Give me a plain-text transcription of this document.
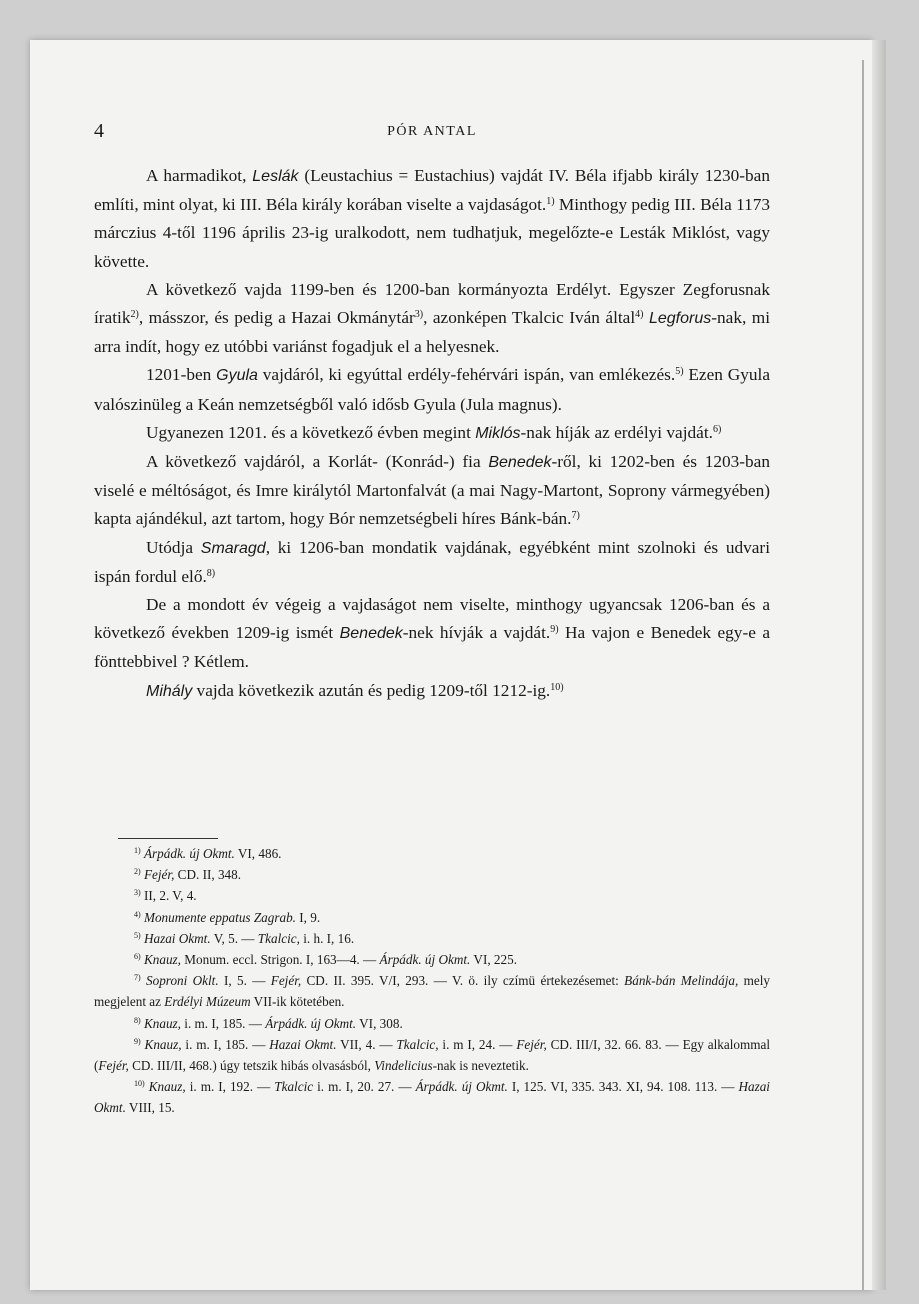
4	PÓR ANTAL

A harmadikot, Leslák (Leustachius = Eustachius) vajdát IV. Béla ifjabb király 1230-ban említi, mint olyat, ki III. Béla király korában viselte a vajdaságot.$^{1)}$ Minthogy pedig III. Béla 1173 márczius 4-től 1196 április 23-ig uralkodott, nem tudhatjuk, megelőzte-e Lesták Miklóst, vagy követte.

A következő vajda 1199-ben és 1200-ban kormányozta Erdélyt. Egyszer Zegforusnak íratik$^{2)}$, másszor, és pedig a Hazai Okmánytár$^{3)}$, azonképen Tkalcic Iván által$^{4)}$ Legforus-nak, mi arra indít, hogy ez utóbbi variánst fogadjuk el a helyesnek.

1201-ben Gyula vajdáról, ki egyúttal erdély-fehérvári ispán, van emlékezés.$^{5)}$ Ezen Gyula valószinüleg a Keán nemzetségből való idősb Gyula (Jula magnus).

Ugyanezen 1201. és a következő évben megint Miklós-nak híják az erdélyi vajdát.$^{6)}$

A következő vajdáról, a Korlát- (Konrád-) fia Benedek-ről, ki 1202-ben és 1203-ban viselé e méltóságot, és Imre királytól Martonfalvát (a mai Nagy-Martont, Soprony vármegyében) kapta ajándékul, azt tartom, hogy Bór nemzetségbeli híres Bánk-bán.$^{7)}$

Utódja Smaragd, ki 1206-ban mondatik vajdának, egyébként mint szolnoki és udvari ispán fordul elő.$^{8)}$

De a mondott év végeig a vajdaságot nem viselte, minthogy ugyancsak 1206-ban és a következő években 1209-ig ismét Benedek-nek hívják a vajdát.$^{9)}$ Ha vajon e Benedek egy-e a fönttebbivel ? Kétlem.

Mihály vajda következik azután és pedig 1209-től 1212-ig.$^{10)}$

$^{1)}$ Árpádk. új Okmt. VI, 486.

$^{2)}$ Fejér, CD. II, 348.

$^{3)}$ II, 2. V, 4.

$^{4)}$ Monumente eppatus Zagrab. I, 9.

$^{5)}$ Hazai Okmt. V, 5. — Tkalcic, i. h. I, 16.

$^{6)}$ Knauz, Monum. eccl. Strigon. I, 163—4. — Árpádk. új Okmt. VI, 225.

$^{7)}$ Soproni Oklt. I, 5. — Fejér, CD. II. 395. V/I, 293. — V. ö. ily czímü értekezésemet: Bánk-bán Melindája, mely megjelent az Erdélyi Múzeum VII-ik kötetében.

$^{8)}$ Knauz, i. m. I, 185. — Árpádk. új Okmt. VI, 308.

$^{9)}$ Knauz, i. m. I, 185. — Hazai Okmt. VII, 4. — Tkalcic, i. m I, 24. — Fejér, CD. III/I, 32. 66. 83. — Egy alkalommal (Fejér, CD. III/II, 468.) úgy tetszik hibás olvasásból, Vindelicius-nak is neveztetik.

$^{10)}$ Knauz, i. m. I, 192. — Tkalcic i. m. I, 20. 27. — Árpádk. új Okmt. I, 125. VI, 335. 343. XI, 94. 108. 113. — Hazai Okmt. VIII, 15.
